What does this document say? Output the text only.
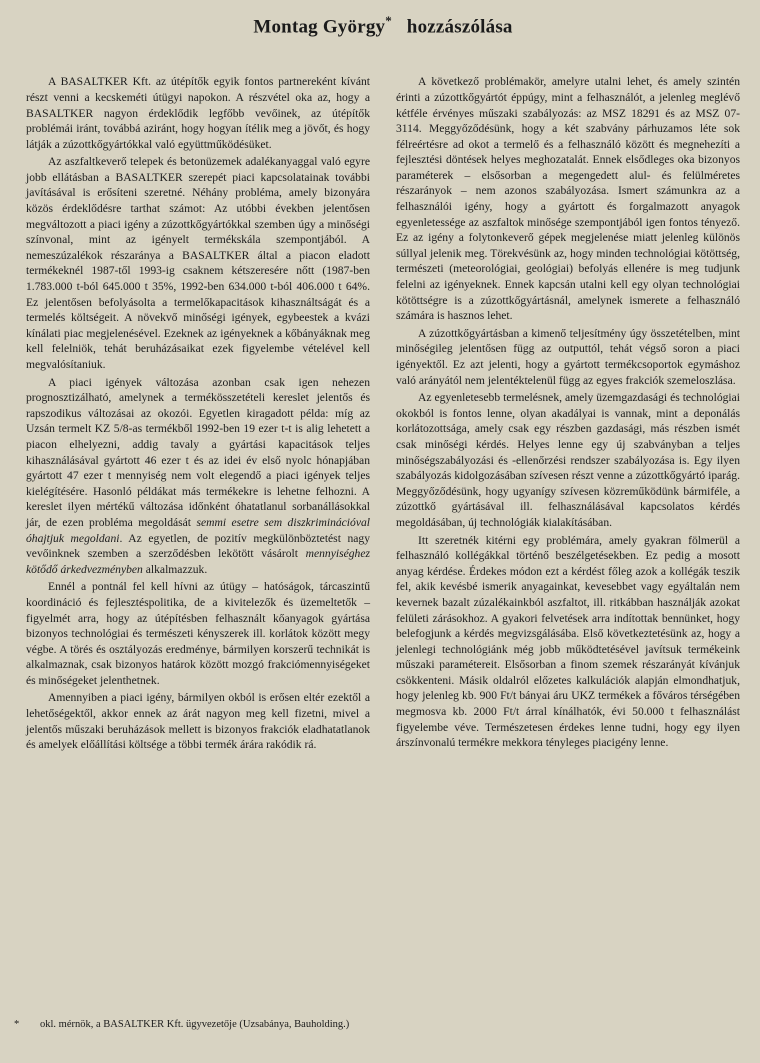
Montag György* hozzászólása

A BASALTKER Kft. az útépítők egyik fontos partnereként kívánt részt venni a kecskeméti útügyi napokon. A részvétel oka az, hogy a BASALTKER nagyon érdeklődik legfőbb vevőinek, az útépítők problémái iránt, továbbá aziránt, hogy hogyan ítélik meg a jövőt, és hogy látják a zúzottkőgyártókkal való együttműködésüket.

Az aszfaltkeverő telepek és betonüzemek adalékanyaggal való egyre jobb ellátásban a BASALTKER szerepét piaci kapcsolatainak további javításával is erősíteni szeretné. Néhány probléma, amely bizonyára közös érdeklődésre tarthat számot: Az utóbbi években jelentősen megváltozott a piaci igény a zúzottkőgyártókkal szemben úgy a minőségi színvonal, mint az igényelt termékskála szempontjából. A nemeszúzalékok részaránya a BASALTKER által a piacon eladott termékeknél 1987-től 1993-ig csaknem kétszeresére nőtt (1987-ben 1.783.000 t-ból 645.000 t 35%, 1992-ben 634.000 t-ból 406.000 t 64%. Ez jelentősen befolyásolta a termelőkapacitások kihasználtságát és a termelés költségeit. A növekvő minőségi igények, egybeestek a kvázi kínálati piac megjelenésével. Ezeknek az igényeknek a kőbányáknak meg kell felelniök, tehát beruházásaikat ezek figyelembe vételével kell megvalósítaniuk.

A piaci igények változása azonban csak igen nehezen prognosztizálható, amelynek a termékösszetételi kereslet jelentős és rapszodikus változásai az okozói. Egyetlen kiragadott példa: míg az Uzsán termelt KZ 5/8-as termékből 1992-ben 19 ezer t-t is alig lehetett a piacon elhelyezni, addig tavaly a gyártási kapacitások teljes kihasználásával gyártott 46 ezer t és az idei év első nyolc hónapjában gyártott 47 ezer t mennyiség nem volt elegendő a piaci igények teljes kielégítésére. Hasonló példákat más termékekre is lehetne felhozni. A kereslet ilyen mértékű változása időnként óhatatlanul sorbanállásokkal jár, de ezen probléma megoldását semmi esetre sem diszkriminációval óhajtjuk megoldani. Az egyetlen, de pozitív megkülönböztetést nagy vevőinknek szemben a szerződésben lekötött vásárolt mennyiséghez kötődő árkedvezményben alkalmazzuk.

Ennél a pontnál fel kell hívni az útügy – hatóságok, tárcaszintű koordináció és fejlesztéspolitika, de a kivitelezők és üzemeltetők – figyelmét arra, hogy az útépítésben felhasznált kőanyagok gyártása bizonyos technológiai és természeti kényszerek ill. korlátok között megy végbe. A törés és osztályozás eredménye, bármilyen korszerű technikát is alkalmaznak, csak bizonyos határok között mozgó frakciómennyiségeket és minőségeket jelenthetnek.

Amennyiben a piaci igény, bármilyen okból is erősen eltér ezektől a lehetőségektől, akkor ennek az árát nagyon meg kell fizetni, mivel a jelentős műszaki beruházások mellett is bizonyos frakciók eladhatatlanok és amelyek előállítási költsége a többi termék árára rakódik rá.

A következő problémakör, amelyre utalni lehet, és amely szintén érinti a zúzottkőgyártót éppúgy, mint a felhasználót, a jelenleg meglévő kétféle érvényes műszaki szabályozás: az MSZ 18291 és az MSZ 07-3114. Meggyőződésünk, hogy a két szabvány párhuzamos léte sok félreértésre ad okot a termelő és a felhasználó között és megnehezíti a fejlesztési döntések helyes meghozatalát. Ennek elsődleges oka bizonyos paraméterek – elsősorban a megengedett alul- és felülméretes részarányok – nem azonos szabályozása. Ismert számunkra az a felhasználói igény, hogy a gyártott és forgalmazott anyagok egyenletessége az aszfaltok minősége szempontjából igen fontos tényező. Ez az igény a folytonkeverő gépek megjelenése miatt jelenleg különös súllyal jelenik meg. Törekvésünk az, hogy minden technológiai kötöttség, természeti (meteorológiai, geológiai) befolyás ellenére is meg tudjunk felelni az igényeknek. Ennek kapcsán utalni kell egy olyan technológiai kötöttségre is a zúzottkőgyártásnál, amelynek ismerete a felhasználó számára is hasznos lehet.

A zúzottkőgyártásban a kimenő teljesítmény úgy összetételben, mint minőségileg jelentősen függ az outputtól, tehát végső soron a piaci igényektől. Ez azt jelenti, hogy a gyártott termékcsoportok egymáshoz való arányától nem jelentéktelenül függ az egyes frakciók szemeloszlása.

Az egyenletesebb termelésnek, amely üzemgazdasági és technológiai okokból is fontos lenne, olyan akadályai is vannak, mint a deponálás korlátozottsága, amely csak egy részben gazdasági, más részben ismét csak minőségi kérdés. Helyes lenne egy új szabványban a teljes minőségszabályozási és -ellenőrzési rendszer szabályozása is. Egy ilyen szabályozás kidolgozásában szívesen részt venne a zúzottkőgyártó iparág. Meggyőződésünk, hogy ugyanígy szívesen közreműködünk bármiféle, a zúzottkő gyártásával ill. felhasználásával kapcsolatos kérdés megoldásában, új technológiák kialakításában.

Itt szeretnék kitérni egy problémára, amely gyakran fölmerül a felhasználó kollégákkal történő beszélgetésekben. Ez pedig a mosott anyag kérdése. Érdekes módon ezt a kérdést főleg azok a kollégák teszik fel, akik kevésbé ismerik anyagainkat, kevesebbet vagy egyáltalán nem kevernek bazalt zúzalékainkból aszfaltot, ill. ritkábban használják azokat felületi zárásokhoz. A gyakori felvetések arra indítottak bennünket, hogy belefogjunk a kérdés megvizsgálásába. Első következtetésünk az, hogy a jelenlegi technológiánk még jobb működtetésével javítsuk termékeink műszaki paramétereit. Elsősorban a finom szemek részarányát kívánjuk csökkenteni. Másik oldalról előzetes kalkulációk alapján elmondhatjuk, hogy jelenleg kb. 900 Ft/t bányai áru UKZ termékek a főváros térségében megmosva kb. 2000 Ft/t árral kínálhatók, évi 50.000 t felhasználást figyelembe véve. Természetesen érdekes lenne tudni, hogy egy ilyen árszínvonalú termékre mekkora tényleges piacigény lenne.

* okl. mérnök, a BASALTKER Kft. ügyvezetője (Uzsabánya, Bauholding.)
